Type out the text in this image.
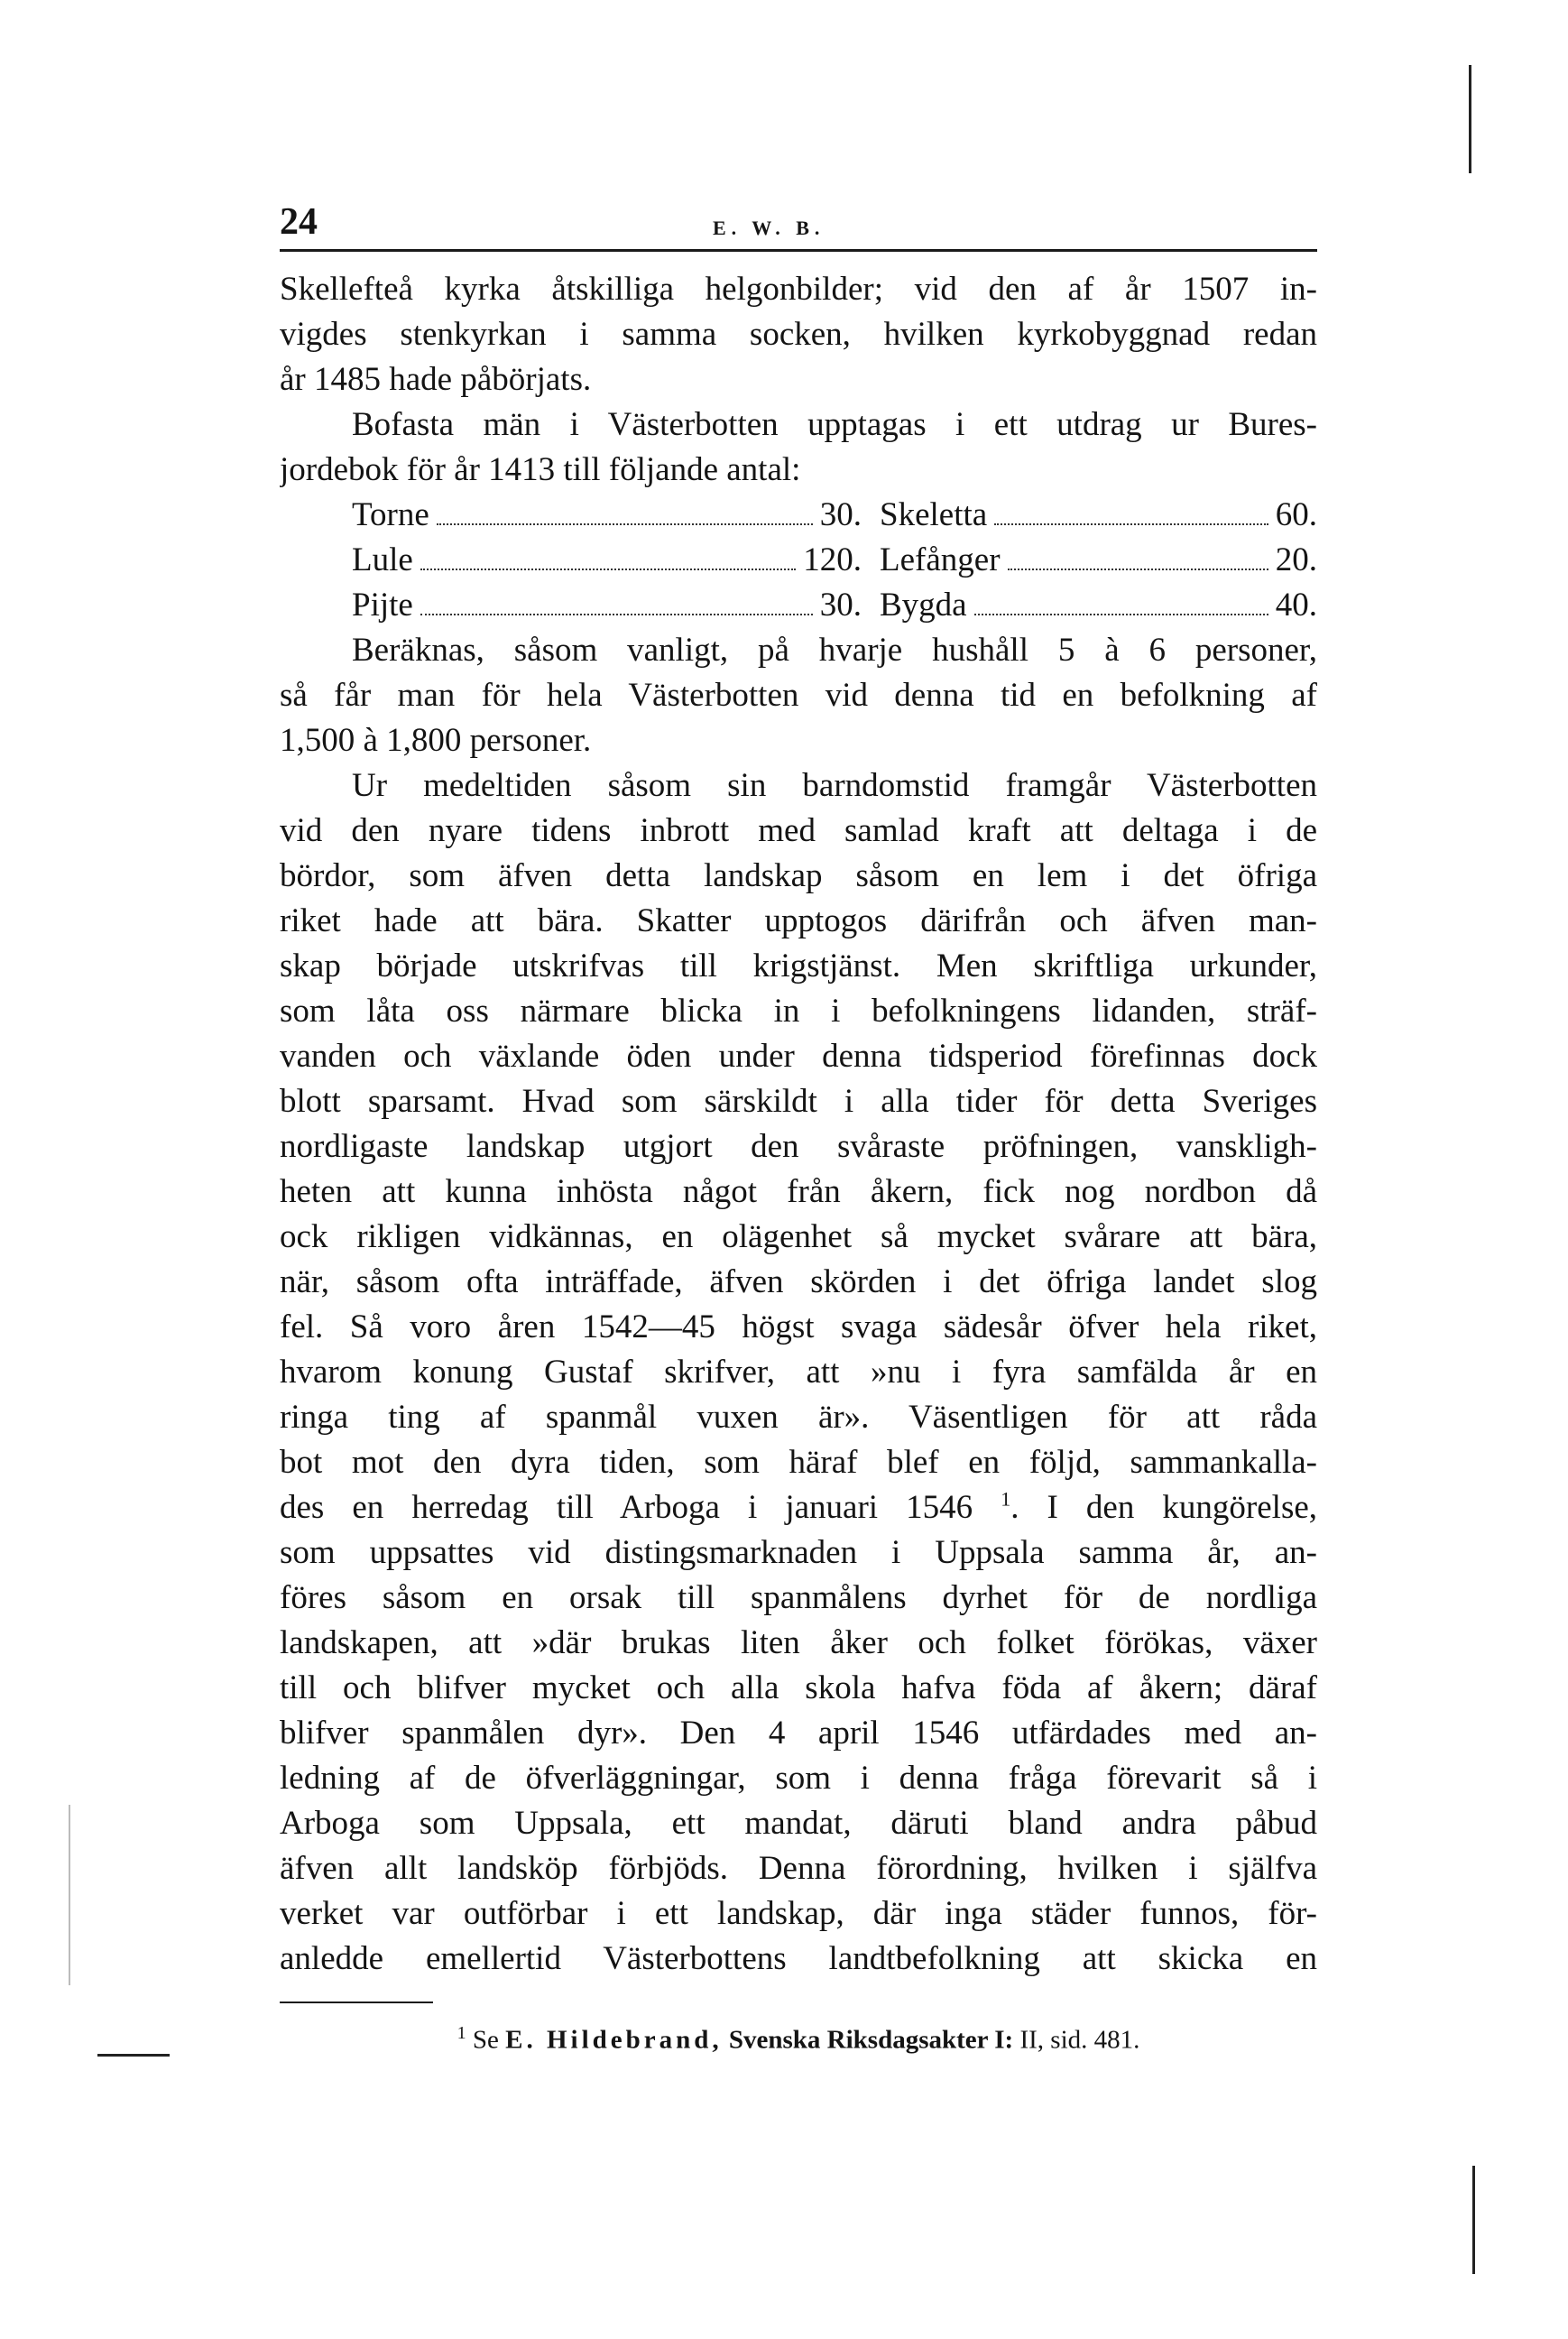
24	E. W. B.
Skellefteå kyrka åtskilliga helgonbilder; vid den af år 1507 in-
vigdes stenkyrkan i samma socken, hvilken kyrkobyggnad redan
år 1485 hade påbörjats.
Bofasta män i Västerbotten upptagas i ett utdrag ur Bures-
jordebok för år 1413 till följande antal:
Torne	30. Skeletta	60.
Lule	120. Lefånger	20.
Pijte	30. Bygda	40.
Beräknas, såsom vanligt, på hvarje hushåll 5 à 6 personer,
så får man för hela Västerbotten vid denna tid en befolkning af
1,500 à 1,800 personer.
Ur medeltiden såsom sin barndomstid framgår Västerbotten
vid den nyare tidens inbrott med samlad kraft att deltaga i de
bördor, som äfven detta landskap såsom en lem i det öfriga
riket hade att bära. Skatter upptogos därifrån och äfven man-
skap började utskrifvas till krigstjänst. Men skriftliga urkunder,
som låta oss närmare blicka in i befolkningens lidanden, sträf-
vanden och växlande öden under denna tidsperiod förefinnas dock
blott sparsamt. Hvad som särskildt i alla tider för detta Sveriges
nordligaste landskap utgjort den svåraste pröfningen, vanskligh-
heten att kunna inhösta något från åkern, fick nog nordbon då
ock rikligen vidkännas, en olägenhet så mycket svårare att bära,
när, såsom ofta inträffade, äfven skörden i det öfriga landet slog
fel. Så voro åren 1542—45 högst svaga sädesår öfver hela riket,
hvarom konung Gustaf skrifver, att »nu i fyra samfälda år en
ringa ting af spanmål vuxen är». Väsentligen för att råda
bot mot den dyra tiden, som häraf blef en följd, sammankalla-
des en herredag till Arboga i januari 1546 $^1$. I den kungörelse,
som uppsattes vid distingsmarknaden i Uppsala samma år, an-
föres såsom en orsak till spanmålens dyrhet för de nordliga
landskapen, att »där brukas liten åker och folket förökas, växer
till och blifver mycket och alla skola hafva föda af åkern; däraf
blifver spanmålen dyr». Den 4 april 1546 utfärdades med an-
ledning af de öfverläggningar, som i denna fråga förevarit så i
Arboga som Uppsala, ett mandat, däruti bland andra påbud
äfven allt landsköp förbjöds. Denna förordning, hvilken i själfva
verket var outförbar i ett landskap, där inga städer funnos, för-
anledde emellertid Västerbottens landtbefolkning att skicka en
$^1$ Se E. Hildebrand, Svenska Riksdagsakter I: II, sid. 481.
